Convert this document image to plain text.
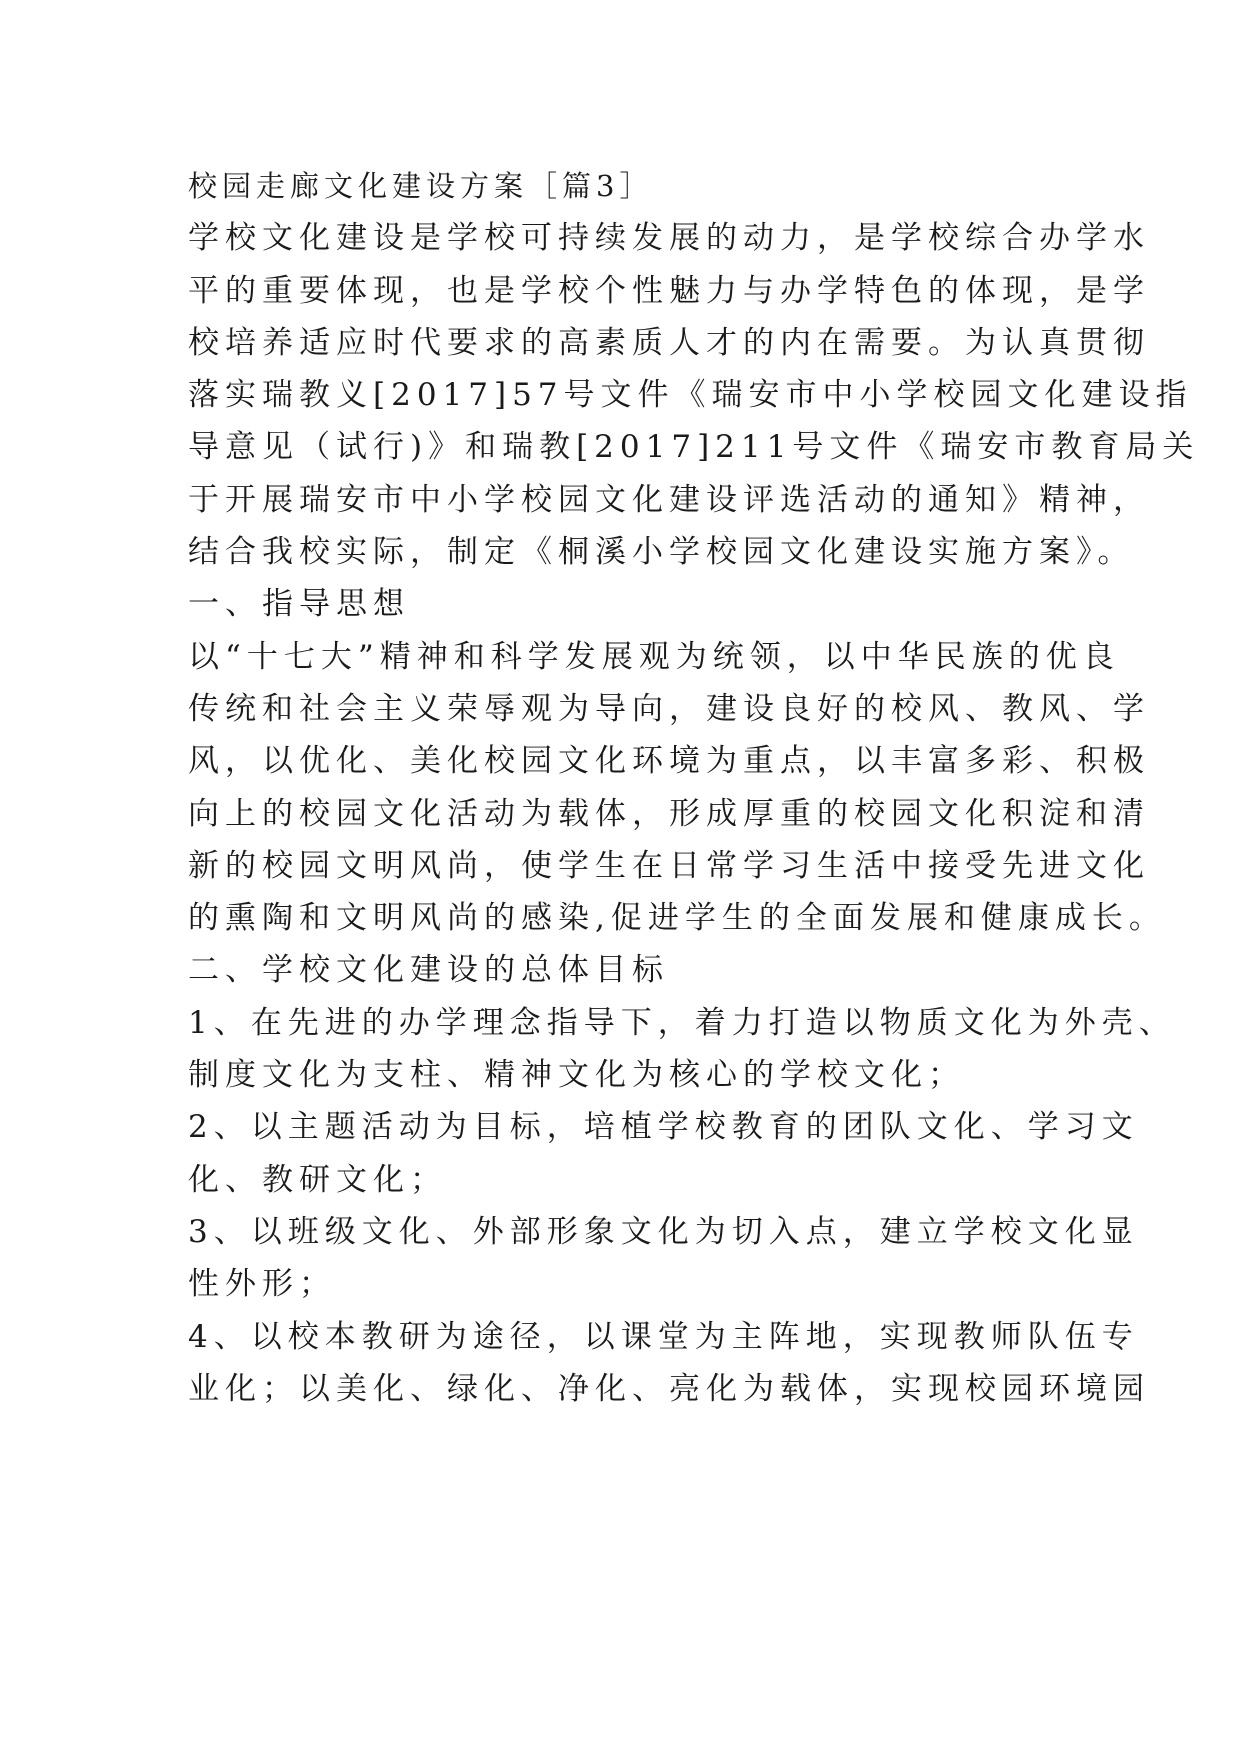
校园走廊文化建设方案［篇3］
学校文化建设是学校可持续发展的动力，是学校综合办学水
平的重要体现，也是学校个性魅力与办学特色的体现，是学
校培养适应时代要求的高素质人才的内在需要。为认真贯彻
落实瑞教义[2017]57号文件《瑞安市中小学校园文化建设指
导意见（试行)》和瑞教[2017]211号文件《瑞安市教育局关
于开展瑞安市中小学校园文化建设评选活动的通知》精神，
结合我校实际，制定《桐溪小学校园文化建设实施方案》。
一、指导思想
以“十七大”精神和科学发展观为统领，以中华民族的优良
传统和社会主义荣辱观为导向，建设良好的校风、教风、学
风，以优化、美化校园文化环境为重点，以丰富多彩、积极
向上的校园文化活动为载体，形成厚重的校园文化积淀和清
新的校园文明风尚，使学生在日常学习生活中接受先进文化
的熏陶和文明风尚的感染,促进学生的全面发展和健康成长。
二、学校文化建设的总体目标
1、在先进的办学理念指导下，着力打造以物质文化为外壳、
制度文化为支柱、精神文化为核心的学校文化；
2、以主题活动为目标，培植学校教育的团队文化、学习文
化、教研文化；
3、以班级文化、外部形象文化为切入点，建立学校文化显
性外形；
4、以校本教研为途径，以课堂为主阵地，实现教师队伍专
业化；以美化、绿化、净化、亮化为载体，实现校园环境园
